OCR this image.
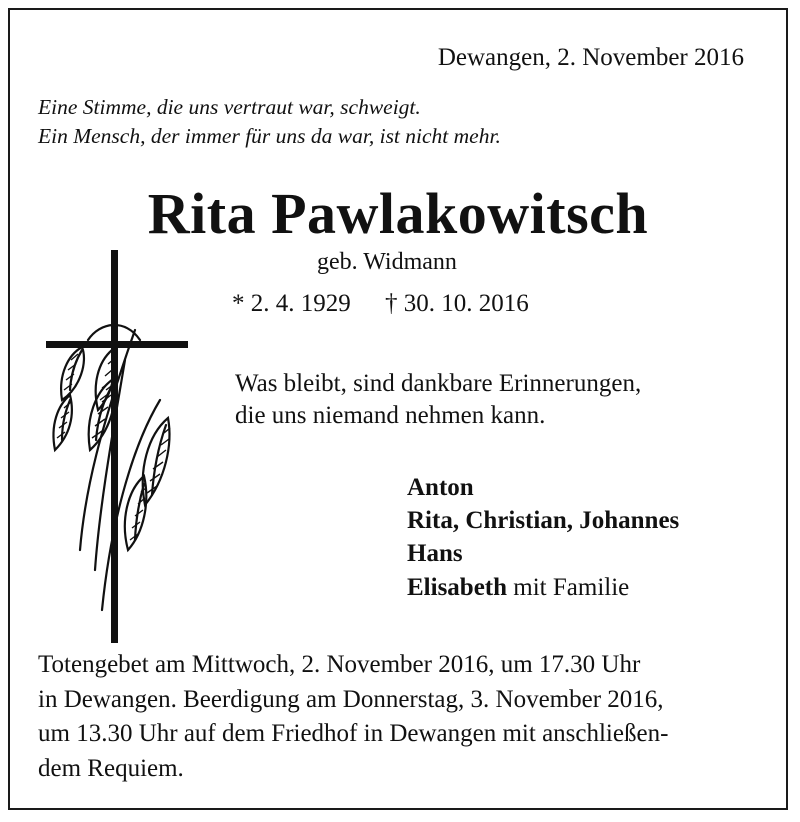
Dewangen, 2. November 2016
Eine Stimme, die uns vertraut war, schweigt.
Ein Mensch, der immer für uns da war, ist nicht mehr.
Rita Pawlakowitsch
geb. Widmann
* 2. 4. 1929 † 30. 10. 2016
Was bleibt, sind dankbare Erinnerungen,
die uns niemand nehmen kann.
Anton
Rita, Christian, Johannes
Hans
Elisabeth mit Familie

Totengebet am Mittwoch, 2. November 2016, um 17.30 Uhr

in Dewangen. Beerdigung am Donnerstag, 3. November 2016,

um 13.30 Uhr auf dem Friedhof in Dewangen mit anschließen-

dem Requiem.
